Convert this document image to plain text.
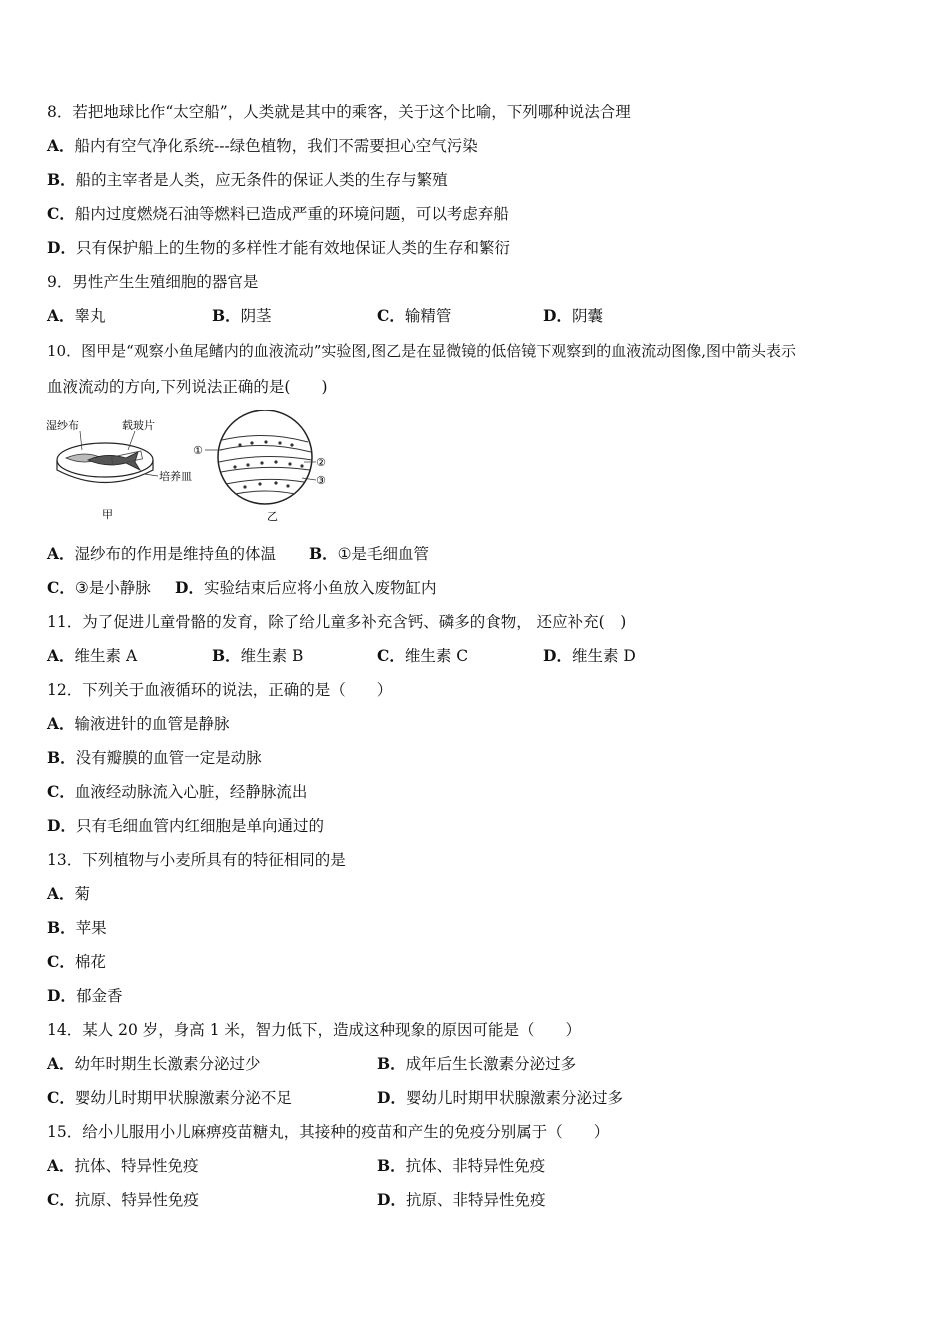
8．若把地球比作“太空船”，人类就是其中的乘客，关于这个比喻，下列哪种说法合理
A．船内有空气净化系统---绿色植物，我们不需要担心空气污染
B．船的主宰者是人类，应无条件的保证人类的生存与繁殖
C．船内过度燃烧石油等燃料已造成严重的环境问题，可以考虑弃船
D．只有保护船上的生物的多样性才能有效地保证人类的生存和繁衍
9．男性产生生殖细胞的器官是
A．睾丸	B．阴茎	C．输精管	D．阴囊
10．图甲是“观察小鱼尾鳍内的血液流动”实验图,图乙是在显微镜的低倍镜下观察到的血液流动图像,图中箭头表示
血液流动的方向,下列说法正确的是(　　)
湿纱布	载玻片
培养皿
甲
①
②
③
乙
A．湿纱布的作用是维持鱼的体温 B．①是毛细血管
C．③是小静脉 D．实验结束后应将小鱼放入废物缸内
11．为了促进儿童骨骼的发育，除了给儿童多补充含钙、磷多的食物， 还应补充(　)
A．维生素 A	B．维生素 B	C．维生素 C	D．维生素 D
12．下列关于血液循环的说法，正确的是（　　）
A．输液进针的血管是静脉
B．没有瓣膜的血管一定是动脉
C．血液经动脉流入心脏，经静脉流出
D．只有毛细血管内红细胞是单向通过的
13．下列植物与小麦所具有的特征相同的是
A．菊
B．苹果
C．棉花
D．郁金香
14．某人 20 岁，身高 1 米，智力低下，造成这种现象的原因可能是（　　）
A．幼年时期生长激素分泌过少	B．成年后生长激素分泌过多
C．婴幼儿时期甲状腺激素分泌不足	D．婴幼儿时期甲状腺激素分泌过多
15．给小儿服用小儿麻痹疫苗糖丸，其接种的疫苗和产生的免疫分别属于（　　）
A．抗体、特异性免疫	B．抗体、非特异性免疫
C．抗原、特异性免疫	D．抗原、非特异性免疫
